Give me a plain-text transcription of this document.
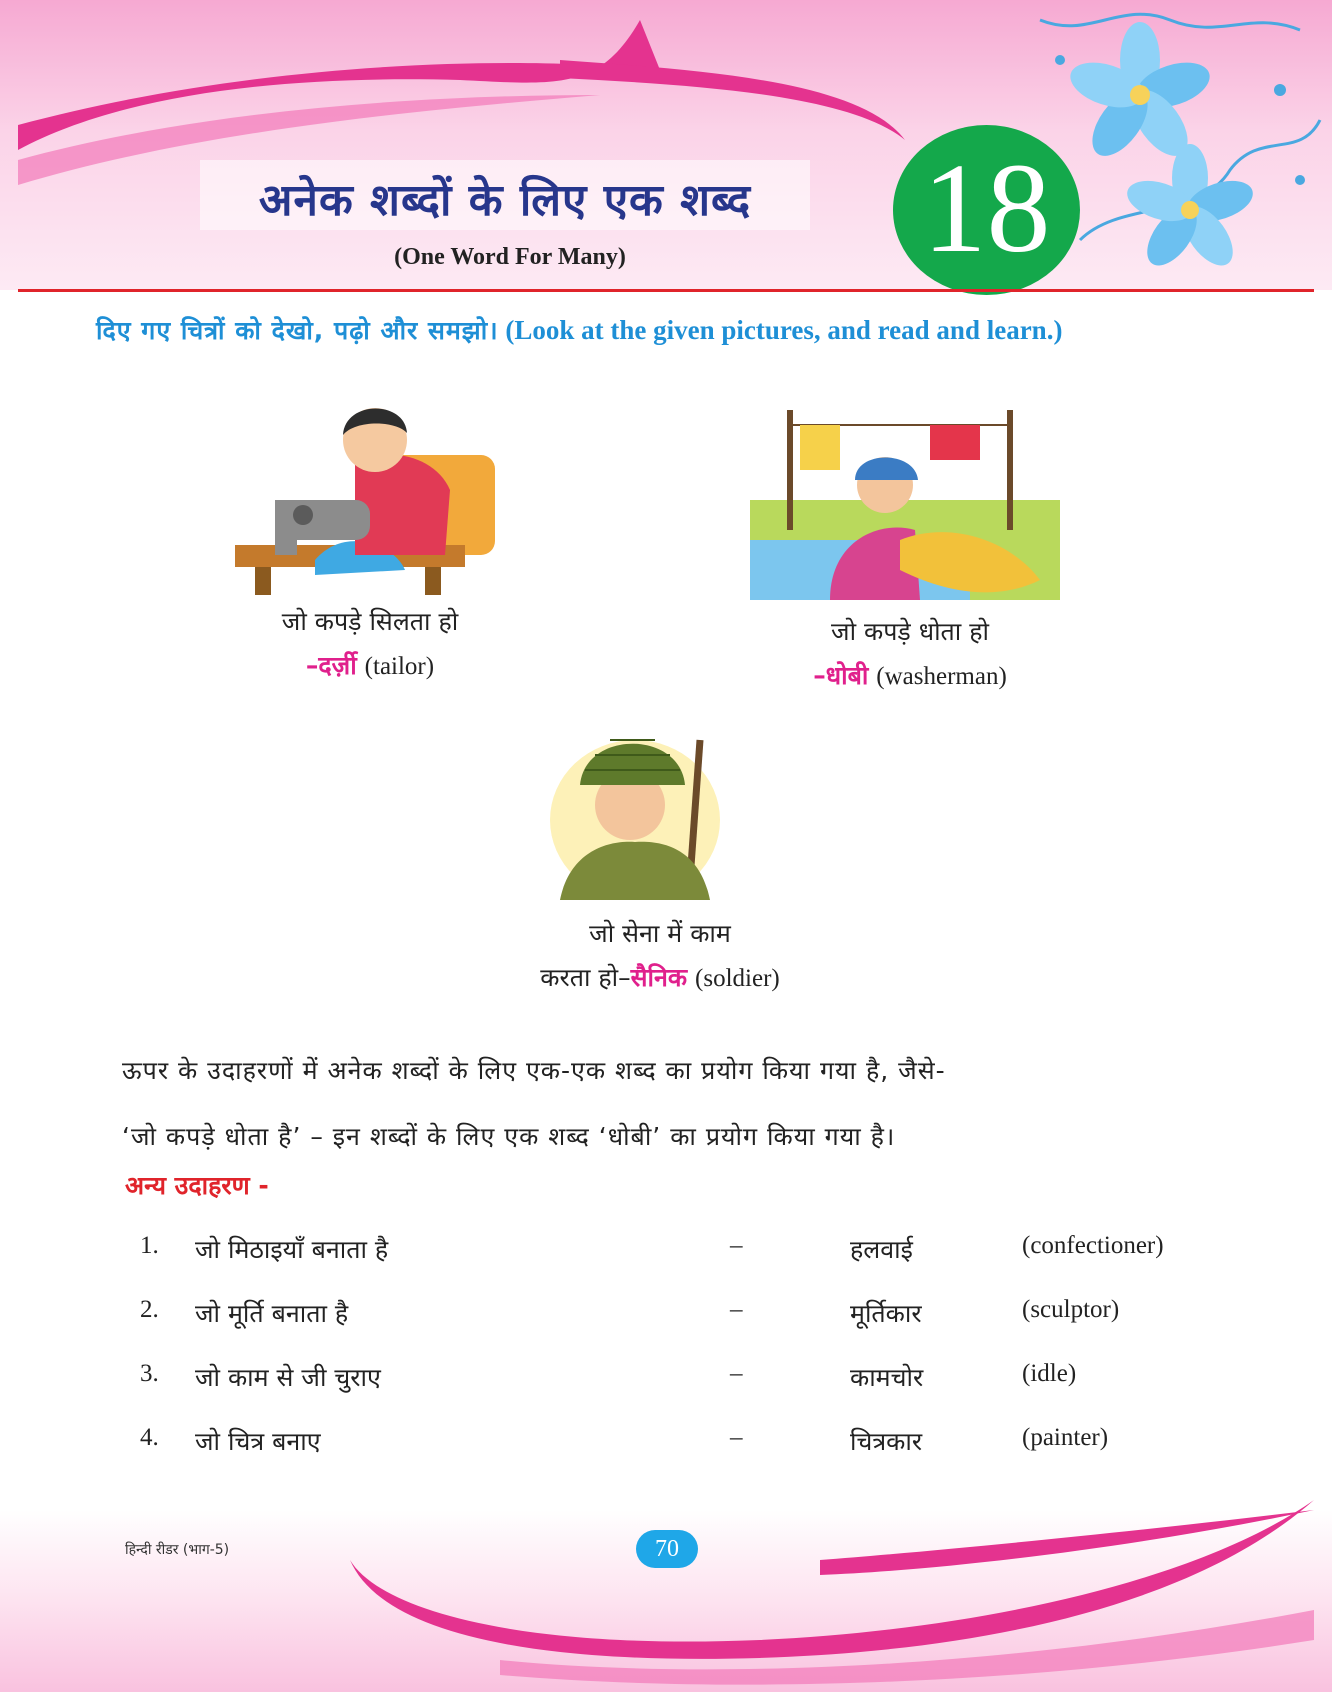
अनेक शब्दों के लिए एक शब्द
(One Word For Many)	18
दिए गए चित्रों को देखो, पढ़ो और समझो। (Look at the given pictures, and read and learn.)
जो कपड़े सिलता हो
–दर्ज़ी (tailor)
जो कपड़े धोता हो
–धोबी (washerman)
जो सेना में काम
करता हो–सैनिक (soldier)
ऊपर के उदाहरणों में अनेक शब्दों के लिए एक-एक शब्द का प्रयोग किया गया है, जैसे-
‘जो कपड़े धोता है’ – इन शब्दों के लिए एक शब्द ‘धोबी’ का प्रयोग किया गया है।
अन्य उदाहरण -
1. जो मिठाइयाँ बनाता है	–	हलवाई	(confectioner)
2. जो मूर्ति बनाता है	–	मूर्तिकार	(sculptor)
3. जो काम से जी चुराए	–	कामचोर	(idle)
4. जो चित्र बनाए	–	चित्रकार	(painter)
हिन्दी रीडर (भाग-5)	70
